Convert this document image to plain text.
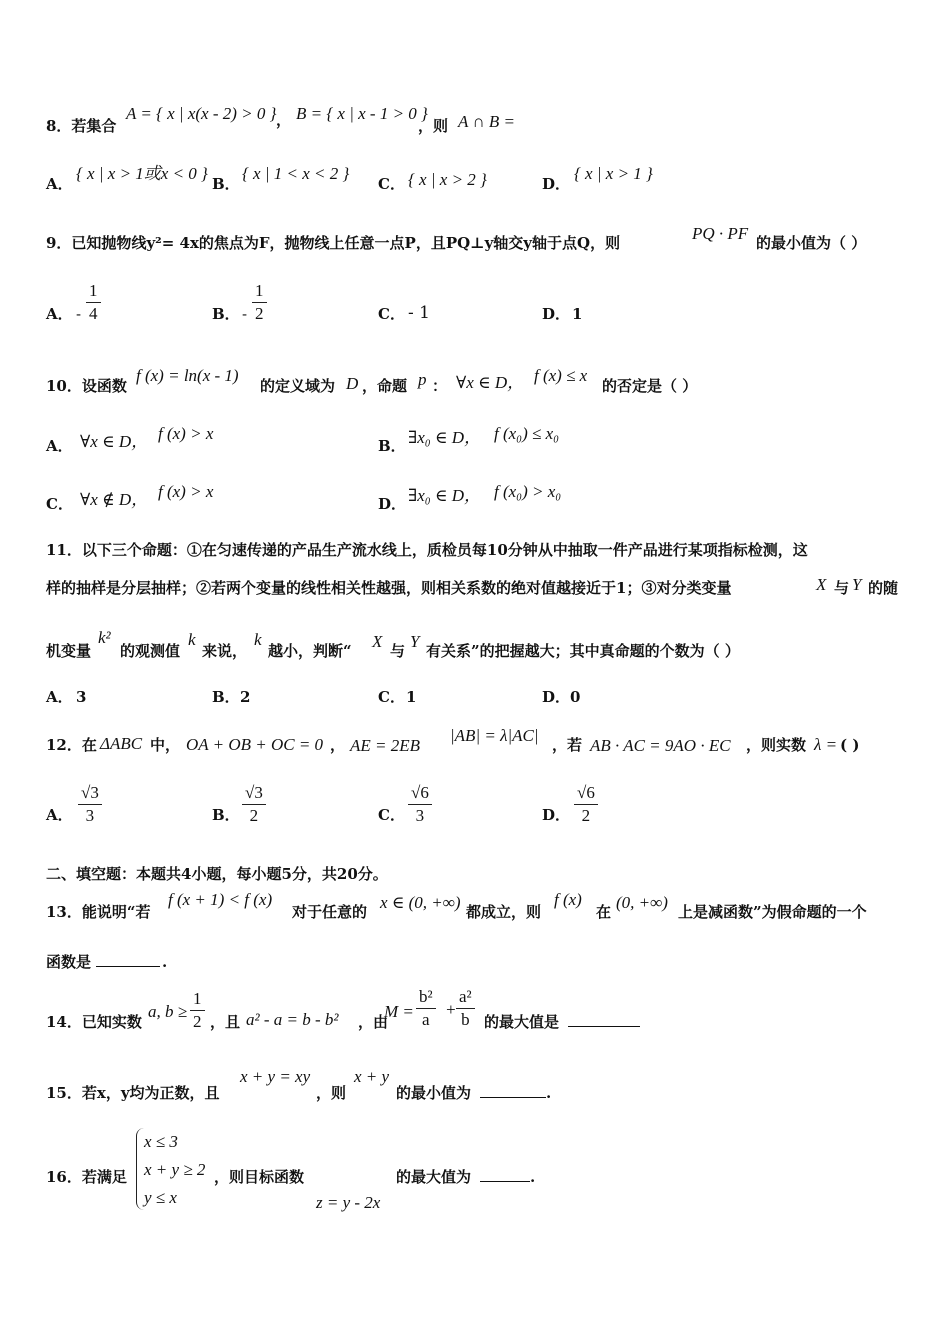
8．若集合
A = { x | x(x - 2) > 0 } ， B = { x | x - 1 > 0 }
，则 A ∩ B =
A．
{ x | x > 1或x < 0 }
B．
{ x | 1 < x < 2 }
C． { x | x > 2 }	D．
{ x | x > 1 }
9．已知抛物线y²= 4x的焦点为F，抛物线上任意一点P，且PQ⊥y轴交y轴于点Q，则	PQ · PF 的最小值为（ ）
A． - $\frac{1}{4}$	B． - $\frac{1}{2}$	C． - 1	D． 1
10．设函数
f (x) = ln(x - 1)
的定义域为 D ，命题 p ： ∀x ∈ D， f (x) ≤ x
的否定是（ ）
A． ∀x ∈ D， f (x) > x
B． ∃x₀ ∈ D， f (x₀) ≤ x₀
C． ∀x ∉ D， f (x) > x
D． ∃x₀ ∈ D， f (x₀) > x₀
11．以下三个命题：①在匀速传递的产品生产流水线上，质检员每10分钟从中抽取一件产品进行某项指标检测，这
样的抽样是分层抽样；②若两个变量的线性相关性越强，则相关系数的绝对值越接近于1；③对分类变量	X 与 Y 的随
机变量
k²
的观测值
k
来说，
k
越小，判断“ X 与 Y 有关系”的把握越大；其中真命题的个数为（ ）
A． 3	B． 2	C． 1	D． 0
12．在 ΔABC 中， OA + OB + OC = 0 ， AE = 2EB
|AB| = λ|AC| ，若 AB · AC = 9AO · EC ，则实数 λ = ( )
A． $\frac{√3}{3}$	B． $\frac{√3}{2}$	C． $\frac{√6}{3}$	D． $\frac{√6}{2}$
二、填空题：本题共4小题，每小题5分，共20分。
13．能说明“若
f (x + 1) < f (x)
对于任意的 x ∈ (0, +∞) 都成立，则
f (x)
在 (0, +∞) 上是减函数”为假命题的一个
函数是	.
14．已知实数
a, $b \ge \frac{1}{2}$ ，且 a² - a = b - b² ，由
$M = \frac{\text{b²}}{a} + \frac{\text{a²}}{b}$ 的最大值是
15．若x，y均为正数，且
x + y = xy
，则
x + y
的最小值为	.
16．若满足
x ≤ 3
x + y ≥ 2
y ≤ x
，则目标函数
z = y - 2x
的最大值为	.
